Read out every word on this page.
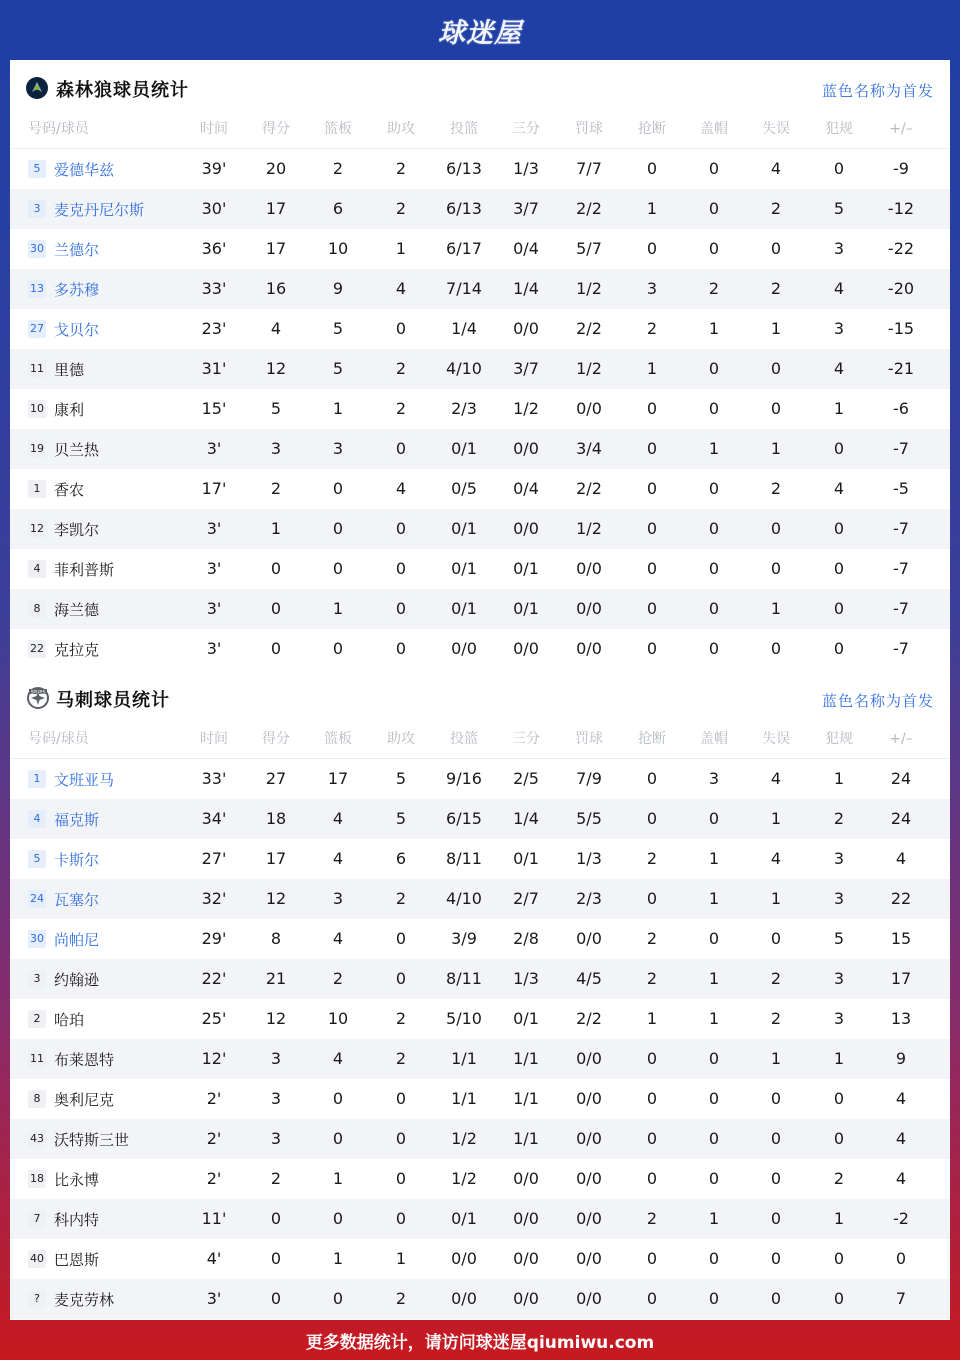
球迷屋
森林狼球员统计	蓝色名称为首发
号码/球员	时间	得分	篮板	助攻	投篮	三分	罚球	抢断	盖帽	失误	犯规	+/–
5 爱德华兹	39'	20	2	2	6/13	1/3	7/7	0	0	4	0	-9
3 麦克丹尼尔斯	30'	17	6	2	6/13	3/7	2/2	1	0	2	5	-12
30 兰德尔	36'	17	10	1	6/17	0/4	5/7	0	0	0	3	-22
13 多苏穆	33'	16	9	4	7/14	1/4	1/2	3	2	2	4	-20
27 戈贝尔	23'	4	5	0	1/4	0/0	2/2	2	1	1	3	-15
11 里德	31'	12	5	2	4/10	3/7	1/2	1	0	0	4	-21
10 康利	15'	5	1	2	2/3	1/2	0/0	0	0	0	1	-6
19 贝兰热	3'	3	3	0	0/1	0/0	3/4	0	1	1	0	-7
1 香农	17'	2	0	4	0/5	0/4	2/2	0	0	2	4	-5
12 李凯尔	3'	1	0	0	0/1	0/0	1/2	0	0	0	0	-7
4 菲利普斯	3'	0	0	0	0/1	0/1	0/0	0	0	0	0	-7
8 海兰德	3'	0	1	0	0/1	0/1	0/0	0	0	1	0	-7
22 克拉克	3'	0	0	0	0/0	0/0	0/0	0	0	0	0	-7
SPURS 马刺球员统计	蓝色名称为首发
号码/球员	时间	得分	篮板	助攻	投篮	三分	罚球	抢断	盖帽	失误	犯规	+/–
1 文班亚马	33'	27	17	5	9/16	2/5	7/9	0	3	4	1	24
4 福克斯	34'	18	4	5	6/15	1/4	5/5	0	0	1	2	24
5 卡斯尔	27'	17	4	6	8/11	0/1	1/3	2	1	4	3	4
24 瓦塞尔	32'	12	3	2	4/10	2/7	2/3	0	1	1	3	22
30 尚帕尼	29'	8	4	0	3/9	2/8	0/0	2	0	0	5	15
3 约翰逊	22'	21	2	0	8/11	1/3	4/5	2	1	2	3	17
2 哈珀	25'	12	10	2	5/10	0/1	2/2	1	1	2	3	13
11 布莱恩特	12'	3	4	2	1/1	1/1	0/0	0	0	1	1	9
8 奥利尼克	2'	3	0	0	1/1	1/1	0/0	0	0	0	0	4
43 沃特斯三世	2'	3	0	0	1/2	1/1	0/0	0	0	0	0	4
18 比永博	2'	2	1	0	1/2	0/0	0/0	0	0	0	2	4
7 科内特	11'	0	0	0	0/1	0/0	0/0	2	1	0	1	-2
40 巴恩斯	4'	0	1	1	0/0	0/0	0/0	0	0	0	0	0
? 麦克劳林	3'	0	0	2	0/0	0/0	0/0	0	0	0	0	7
更多数据统计，请访问球迷屋qiumiwu.com
